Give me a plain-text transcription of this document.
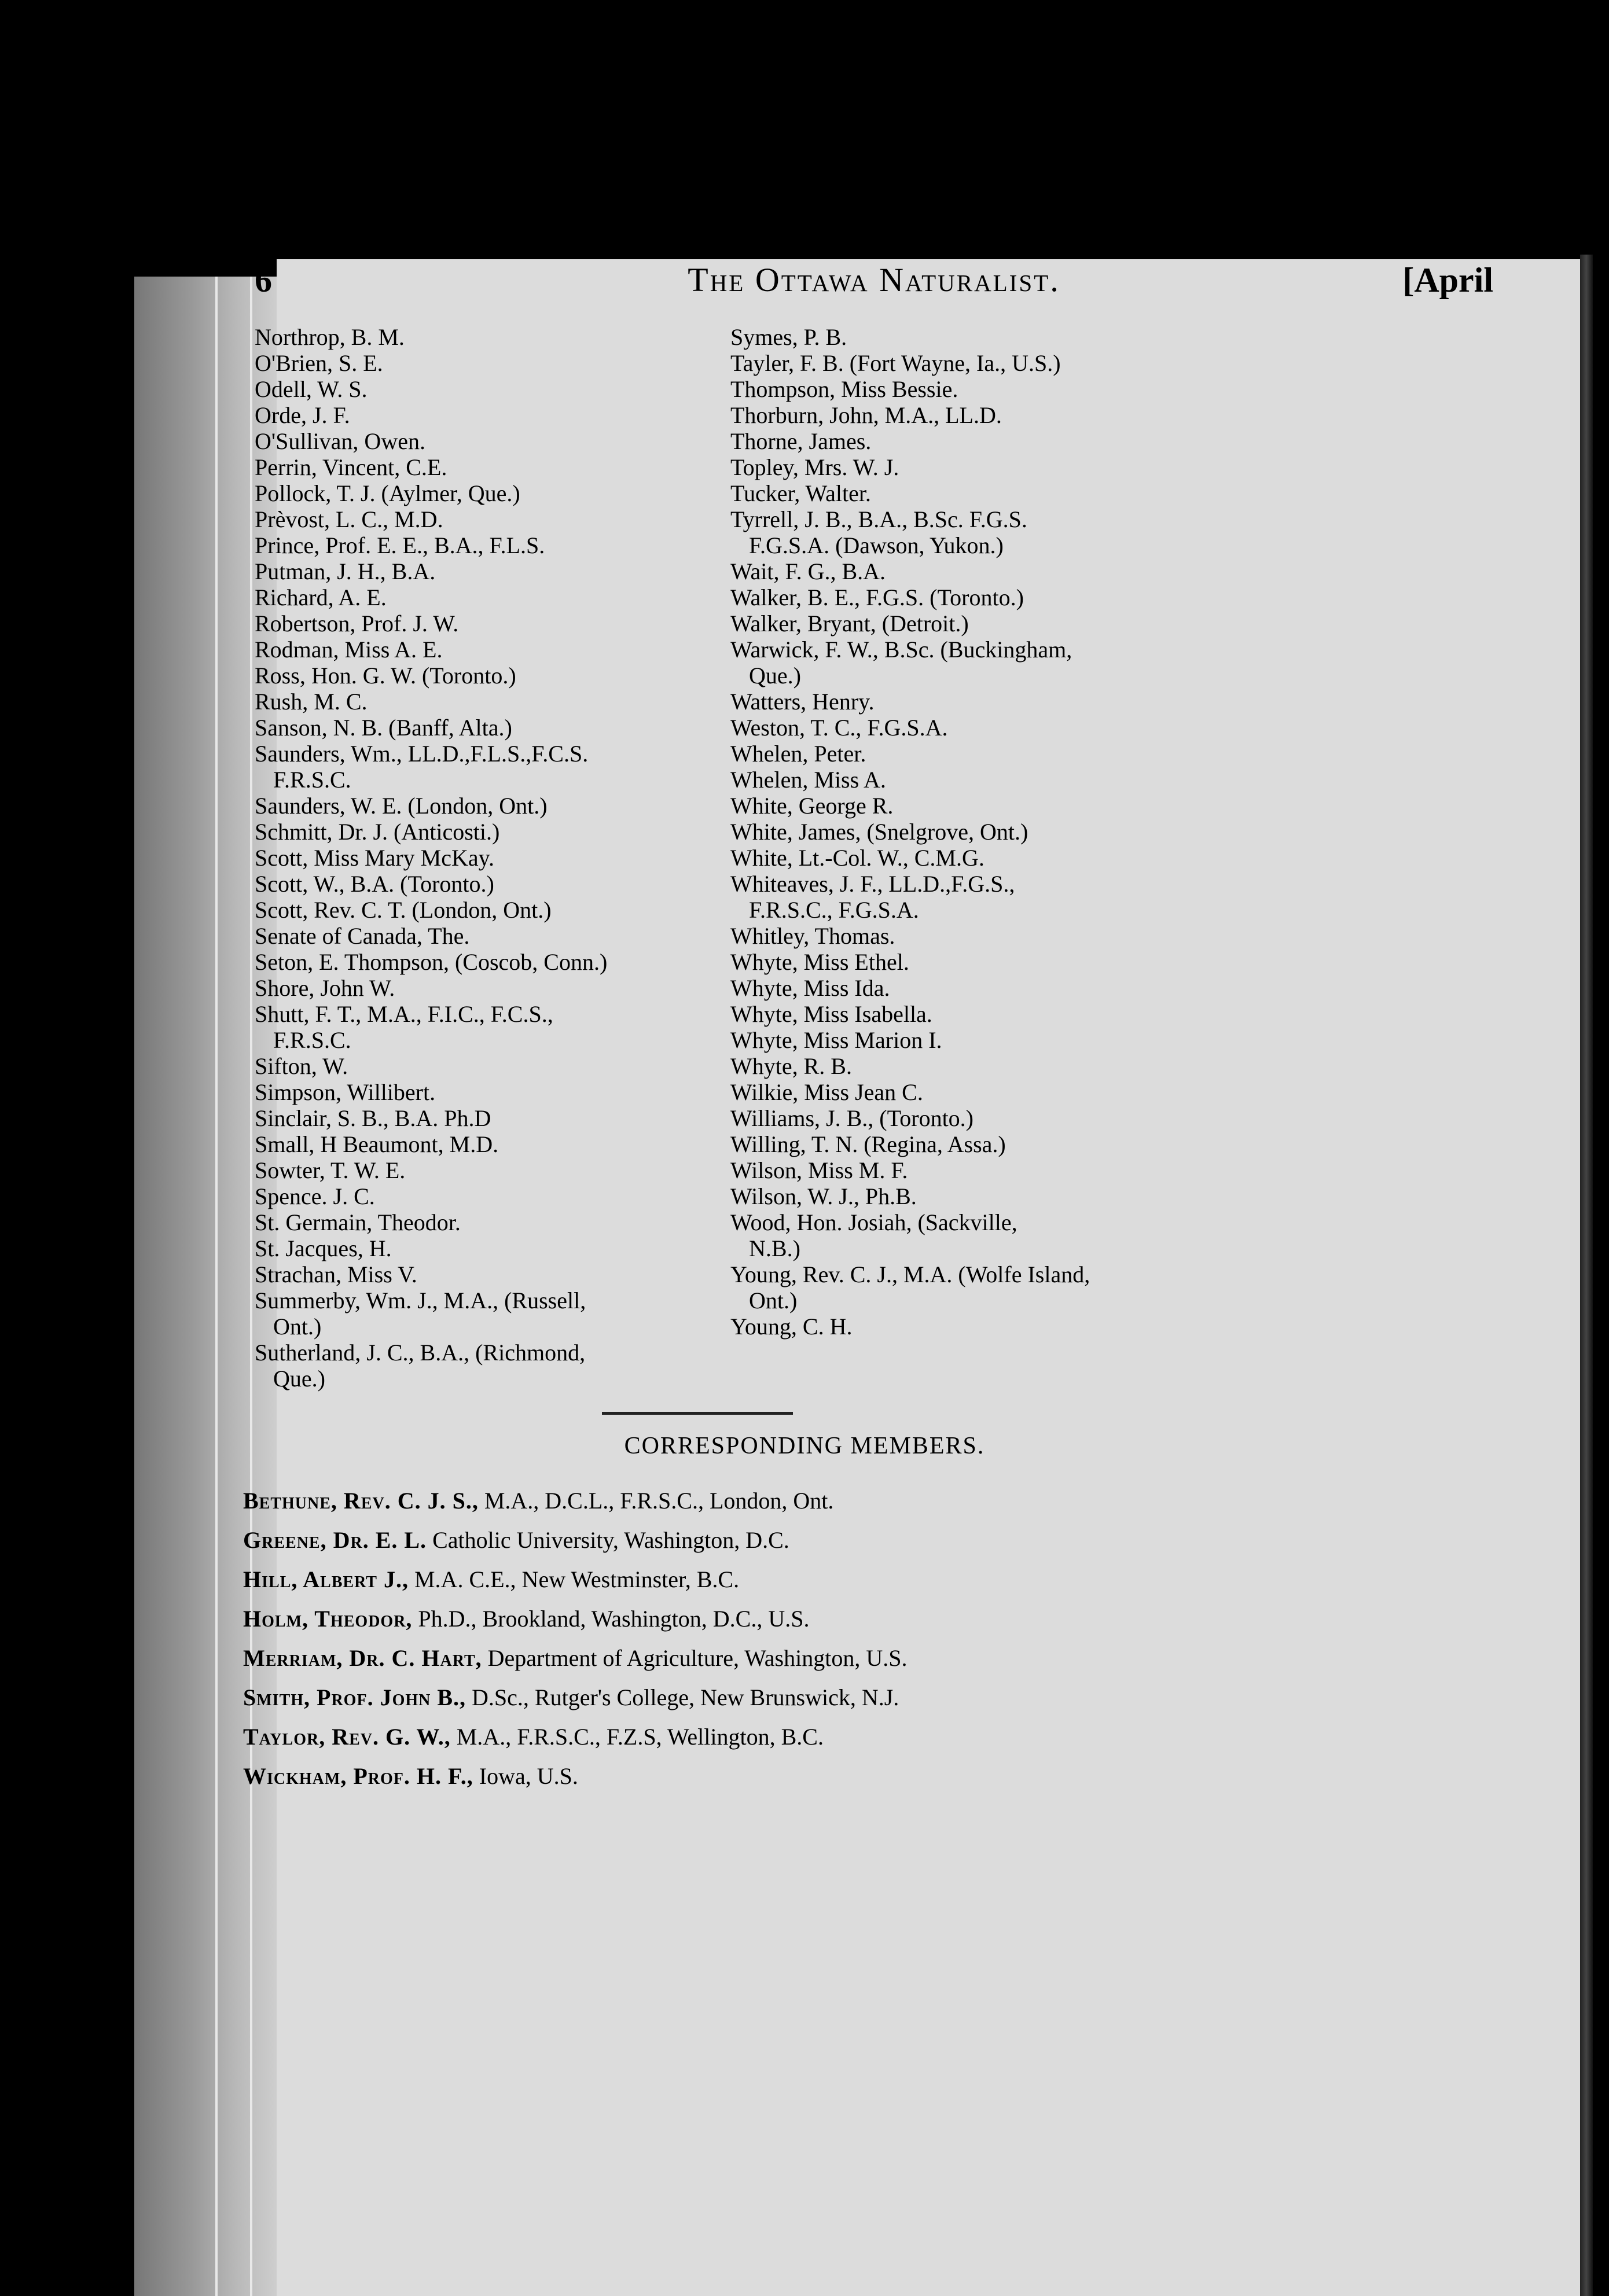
6	The Ottawa Naturalist.	[April
Northrop, B. M.
O'Brien, S. E.
Odell, W. S.
Orde, J. F.
O'Sullivan, Owen.
Perrin, Vincent, C.E.
Pollock, T. J. (Aylmer, Que.)
Prèvost, L. C., M.D.
Prince, Prof. E. E., B.A., F.L.S.
Putman, J. H., B.A.
Richard, A. E.
Robertson, Prof. J. W.
Rodman, Miss A. E.
Ross, Hon. G. W. (Toronto.)
Rush, M. C.
Sanson, N. B. (Banff, Alta.)
Saunders, Wm., LL.D.,F.L.S.,F.C.S.
F.R.S.C.
Saunders, W. E. (London, Ont.)
Schmitt, Dr. J. (Anticosti.)
Scott, Miss Mary McKay.
Scott, W., B.A. (Toronto.)
Scott, Rev. C. T. (London, Ont.)
Senate of Canada, The.
Seton, E. Thompson, (Coscob, Conn.)
Shore, John W.
Shutt, F. T., M.A., F.I.C., F.C.S.,
F.R.S.C.
Sifton, W.
Simpson, Willibert.
Sinclair, S. B., B.A. Ph.D
Small, H Beaumont, M.D.
Sowter, T. W. E.
Spence. J. C.
St. Germain, Theodor.
St. Jacques, H.
Strachan, Miss V.
Summerby, Wm. J., M.A., (Russell,
Ont.)
Sutherland, J. C., B.A., (Richmond,
Que.)
Symes, P. B.
Tayler, F. B. (Fort Wayne, Ia., U.S.)
Thompson, Miss Bessie.
Thorburn, John, M.A., LL.D.
Thorne, James.
Topley, Mrs. W. J.
Tucker, Walter.
Tyrrell, J. B., B.A., B.Sc. F.G.S.
F.G.S.A. (Dawson, Yukon.)
Wait, F. G., B.A.
Walker, B. E., F.G.S. (Toronto.)
Walker, Bryant, (Detroit.)
Warwick, F. W., B.Sc. (Buckingham,
Que.)
Watters, Henry.
Weston, T. C., F.G.S.A.
Whelen, Peter.
Whelen, Miss A.
White, George R.
White, James, (Snelgrove, Ont.)
White, Lt.-Col. W., C.M.G.
Whiteaves, J. F., LL.D.,F.G.S.,
F.R.S.C., F.G.S.A.
Whitley, Thomas.
Whyte, Miss Ethel.
Whyte, Miss Ida.
Whyte, Miss Isabella.
Whyte, Miss Marion I.
Whyte, R. B.
Wilkie, Miss Jean C.
Williams, J. B., (Toronto.)
Willing, T. N. (Regina, Assa.)
Wilson, Miss M. F.
Wilson, W. J., Ph.B.
Wood, Hon. Josiah, (Sackville,
N.B.)
Young, Rev. C. J., M.A. (Wolfe Island,
Ont.)
Young, C. H.
CORRESPONDING MEMBERS.
Bethune, Rev. C. J. S., M.A., D.C.L., F.R.S.C., London, Ont.
Greene, Dr. E. L. Catholic University, Washington, D.C.
Hill, Albert J., M.A. C.E., New Westminster, B.C.
Holm, Theodor, Ph.D., Brookland, Washington, D.C., U.S.
Merriam, Dr. C. Hart, Department of Agriculture, Washington, U.S.
Smith, Prof. John B., D.Sc., Rutger's College, New Brunswick, N.J.
Taylor, Rev. G. W., M.A., F.R.S.C., F.Z.S, Wellington, B.C.
Wickham, Prof. H. F., Iowa, U.S.
